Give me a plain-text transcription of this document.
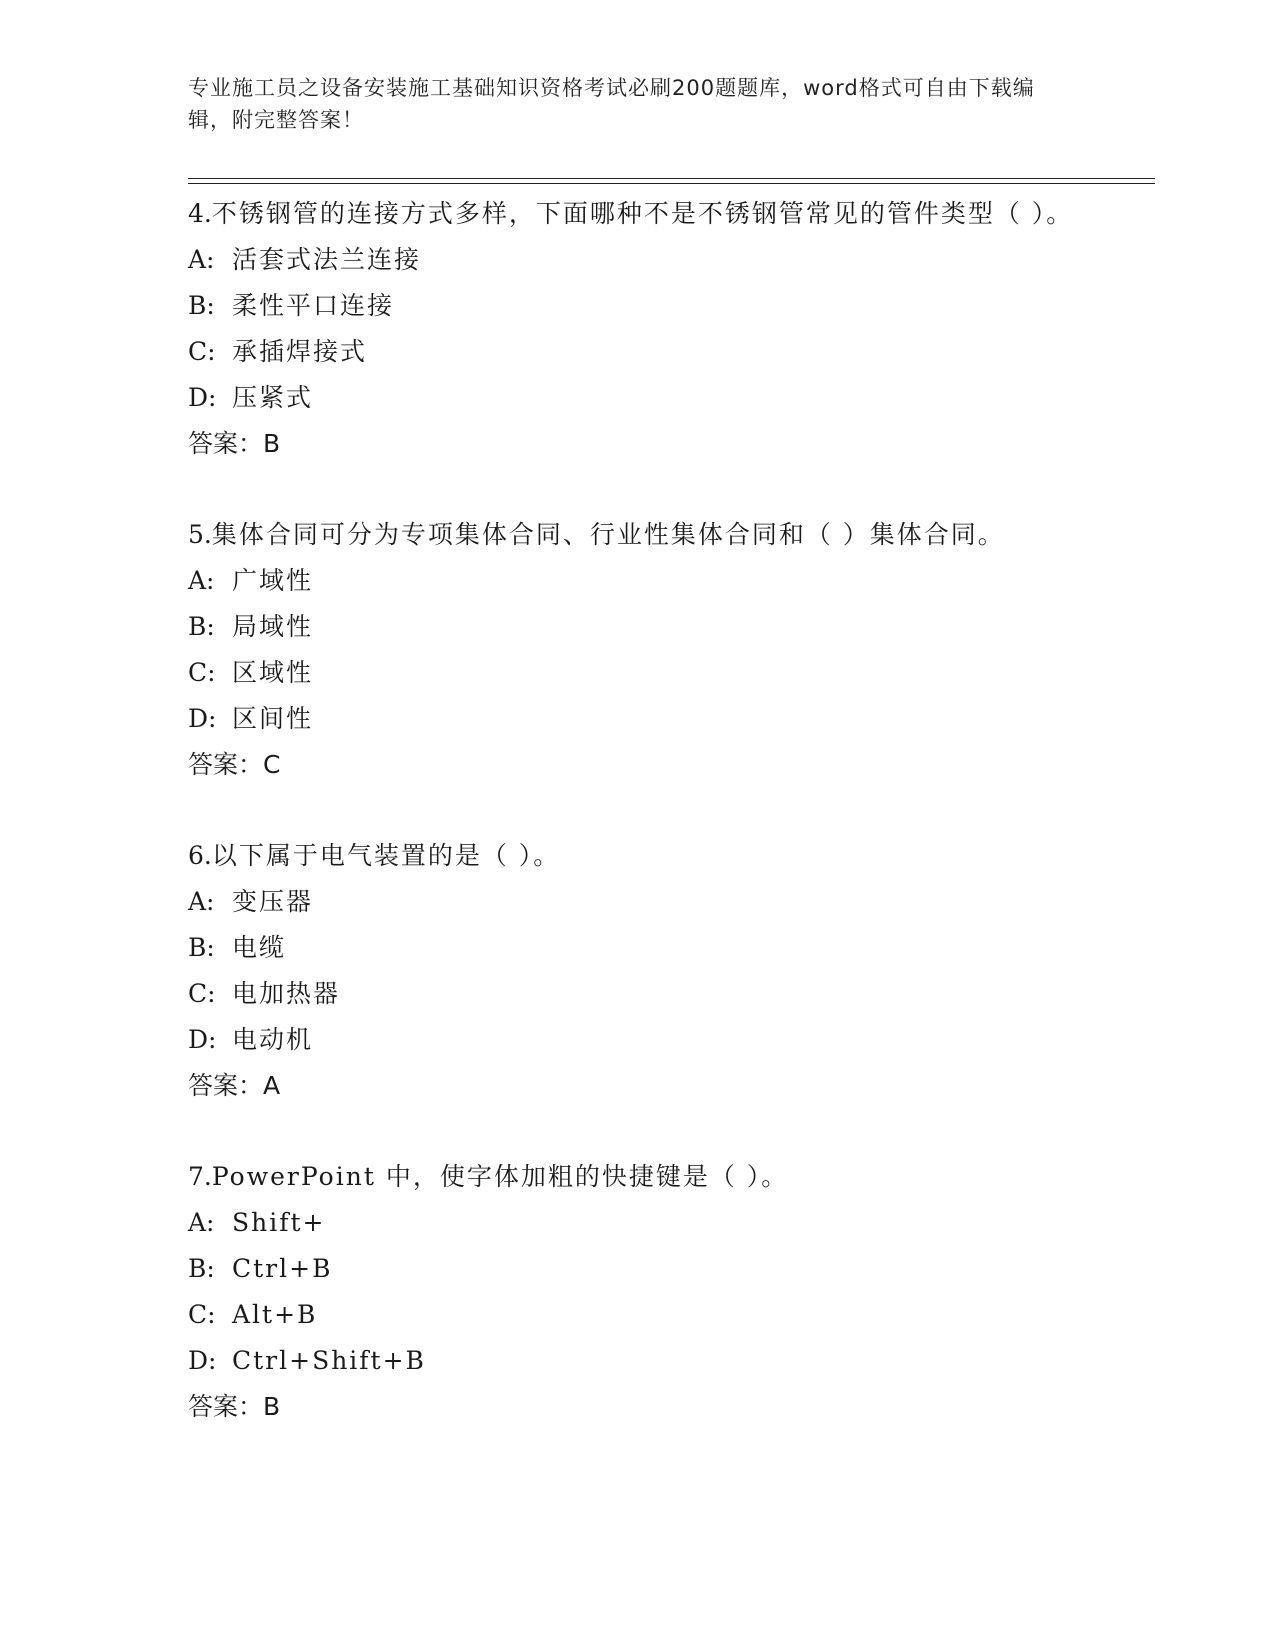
专业施工员之设备安装施工基础知识资格考试必刷200题题库，word格式可自由下载编辑，附完整答案！

4.不锈钢管的连接方式多样，下面哪种不是不锈钢管常见的管件类型（ ）。

A: 活套式法兰连接

B: 柔性平口连接

C: 承插焊接式

D: 压紧式

答案：B

5.集体合同可分为专项集体合同、行业性集体合同和（ ）集体合同。

A: 广域性

B: 局域性

C: 区域性

D: 区间性

答案：C

6.以下属于电气装置的是（ ）。

A: 变压器

B: 电缆

C: 电加热器

D: 电动机

答案：A

7.PowerPoint 中，使字体加粗的快捷键是（ ）。

A: Shift+

B: Ctrl+B

C: Alt+B

D: Ctrl+Shift+B

答案：B
